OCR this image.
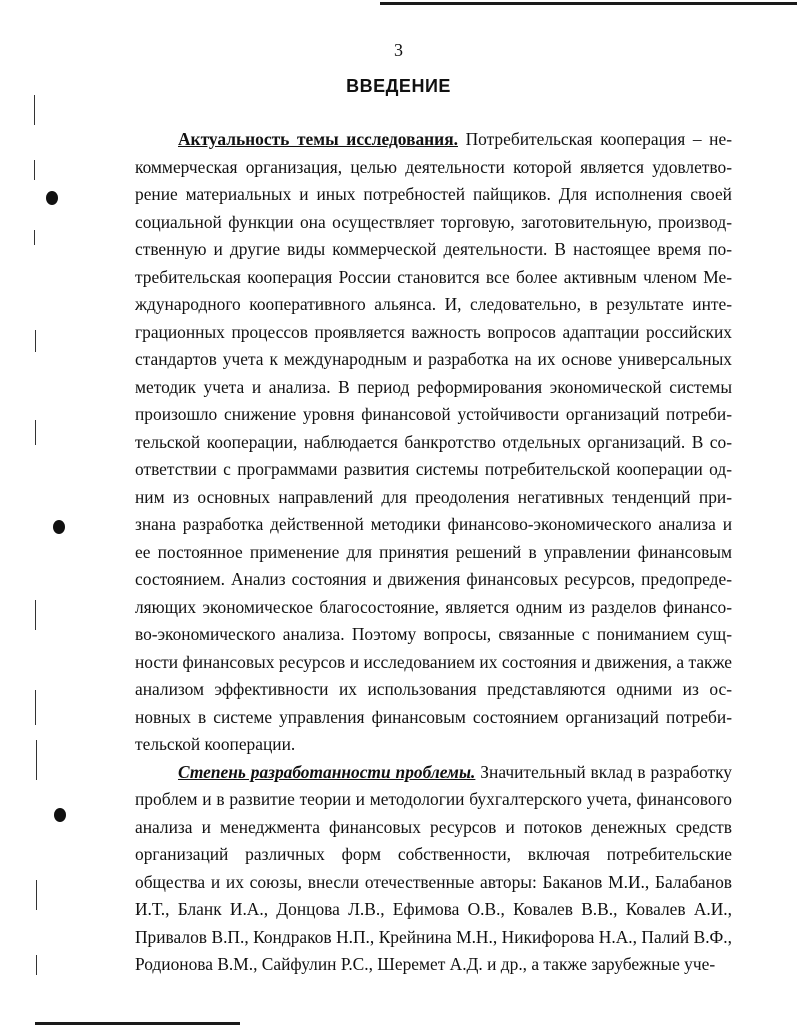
3
ВВЕДЕНИЕ

Актуальность темы исследования. Потребительская кооперация – некоммерческая организация, целью деятельности которой является удовлетворение материальных и иных потребностей пайщиков. Для исполнения своей социальной функции она осуществляет торговую, заготовительную, производственную и другие виды коммерческой деятельности. В настоящее время потребительская кооперация России становится все более активным членом Международного кооперативного альянса. И, следовательно, в результате интеграционных процессов проявляется важность вопросов адаптации российских стандартов учета к международным и разработка на их основе универсальных методик учета и анализа. В период реформирования экономической системы произошло снижение уровня финансовой устойчивости организаций потребительской кооперации, наблюдается банкротство отдельных организаций. В соответствии с программами развития системы потребительской кооперации одним из основных направлений для преодоления негативных тенденций признана разработка действенной методики финансово-экономического анализа и ее постоянное применение для принятия решений в управлении финансовым состоянием. Анализ состояния и движения финансовых ресурсов, предопределяющих экономическое благосостояние, является одним из разделов финансово-экономического анализа. Поэтому вопросы, связанные с пониманием сущности финансовых ресурсов и исследованием их состояния и движения, а также анализом эффективности их использования представляются одними из основных в системе управления финансовым состоянием организаций потребительской кооперации.

Степень разработанности проблемы. Значительный вклад в разработку проблем и в развитие теории и методологии бухгалтерского учета, финансового анализа и менеджмента финансовых ресурсов и потоков денежных средств организаций различных форм собственности, включая потребительские общества и их союзы, внесли отечественные авторы: Баканов М.И., Балабанов И.Т., Бланк И.А., Донцова Л.В., Ефимова О.В., Ковалев В.В., Ковалев А.И., Привалов В.П., Кондраков Н.П., Крейнина М.Н., Никифорова Н.А., Палий В.Ф., Родионова В.М., Сайфулин Р.С., Шеремет А.Д. и др., а также зарубежные уче-
